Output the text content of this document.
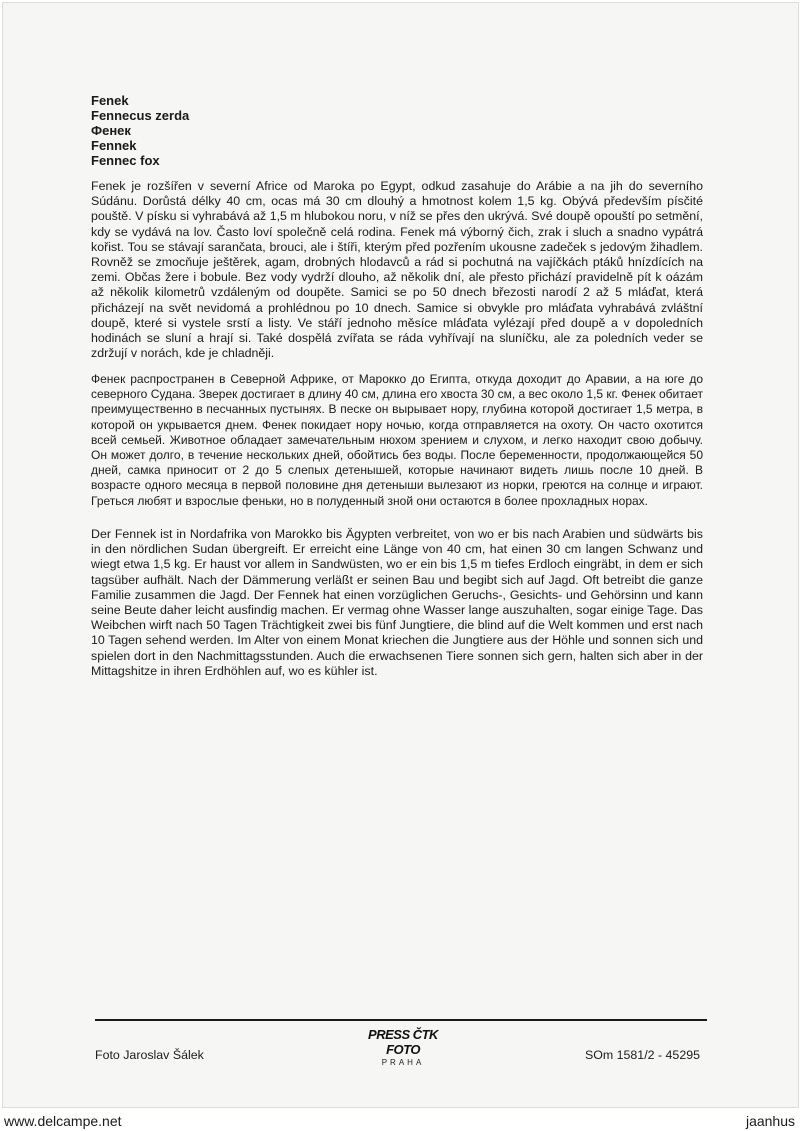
Fenek
Fennecus zerda
Фенек
Fennek
Fennec fox

Fenek je rozšířen v severní Africe od Maroka po Egypt, odkud zasahuje do Arábie a na jih do severního Súdánu. Dorůstá délky 40 cm, ocas má 30 cm dlouhý a hmotnost kolem 1,5 kg. Obývá především písčité pouště. V písku si vyhrabává až 1,5 m hlubokou noru, v níž se přes den ukrývá. Své doupě opouští po setmění, kdy se vydává na lov. Často loví společně celá rodina. Fenek má výborný čich, zrak i sluch a snadno vypátrá kořist. Tou se stávají sarančata, brouci, ale i štíři, kterým před pozřením ukousne zadeček s jedovým žihadlem. Rovněž se zmocňuje ještěrek, agam, drobných hlodavců a rád si pochutná na vajíčkách ptáků hnízdících na zemi. Občas žere i bobule. Bez vody vydrží dlouho, až několik dní, ale přesto přichází pravidelně pít k oázám až několik kilometrů vzdáleným od doupěte. Samici se po 50 dnech březosti narodí 2 až 5 mláďat, která přicházejí na svět nevidomá a prohlédnou po 10 dnech. Samice si obvykle pro mláďata vyhrabává zvláštní doupě, které si vystele srstí a listy. Ve stáří jednoho měsíce mláďata vylézají před doupě a v dopoledních hodinách se sluní a hrají si. Také dospělá zvířata se ráda vyhřívají na sluníčku, ale za poledních veder se zdržují v norách, kde je chladněji.

Фенек распространен в Северной Африке, от Марокко до Египта, откуда доходит до Аравии, а на юге до северного Судана. Зверек достигает в длину 40 см, длина его хвоста 30 см, а вес около 1,5 кг. Фенек обитает преимущественно в песчанных пустынях. В песке он вырывает нору, глубина которой достигает 1,5 метра, в которой он укрывается днем. Фенек покидает нору ночью, когда отправляется на охоту. Он часто охотится всей семьей. Животное обладает замечательным нюхом зрением и слухом, и легко находит свою добычу. Он может долго, в течение нескольких дней, обойтись без воды. После беременности, продолжающейся 50 дней, самка приносит от 2 до 5 слепых детенышей, которые начинают видеть лишь после 10 дней. В возрасте одного месяца в первой половине дня детеныши вылезают из норки, греются на солнце и играют. Греться любят и взрослые феньки, но в полуденный зной они остаются в более прохладных норах.

Der Fennek ist in Nordafrika von Marokko bis Ägypten verbreitet, von wo er bis nach Arabien und südwärts bis in den nördlichen Sudan übergreift. Er erreicht eine Länge von 40 cm, hat einen 30 cm langen Schwanz und wiegt etwa 1,5 kg. Er haust vor allem in Sandwüsten, wo er ein bis 1,5 m tiefes Erdloch eingräbt, in dem er sich tagsüber aufhält. Nach der Dämmerung verläßt er seinen Bau und begibt sich auf Jagd. Oft betreibt die ganze Familie zusammen die Jagd. Der Fennek hat einen vorzüglichen Geruchs-, Gesichts- und Gehörsinn und kann seine Beute daher leicht ausfindig machen. Er vermag ohne Wasser lange auszuhalten, sogar einige Tage. Das Weibchen wirft nach 50 Tagen Trächtigkeit zwei bis fünf Jungtiere, die blind auf die Welt kommen und erst nach 10 Tagen sehend werden. Im Alter von einem Monat kriechen die Jungtiere aus der Höhle und sonnen sich und spielen dort in den Nachmittagsstunden. Auch die erwachsenen Tiere sonnen sich gern, halten sich aber in der Mittagshitze in ihren Erdhöhlen auf, wo es kühler ist.

Foto Jaroslav Šálek
PRESS ČTK FOTO
PRAHA
SOm 1581/2 - 45295
www.delcampe.net	jaanhus
